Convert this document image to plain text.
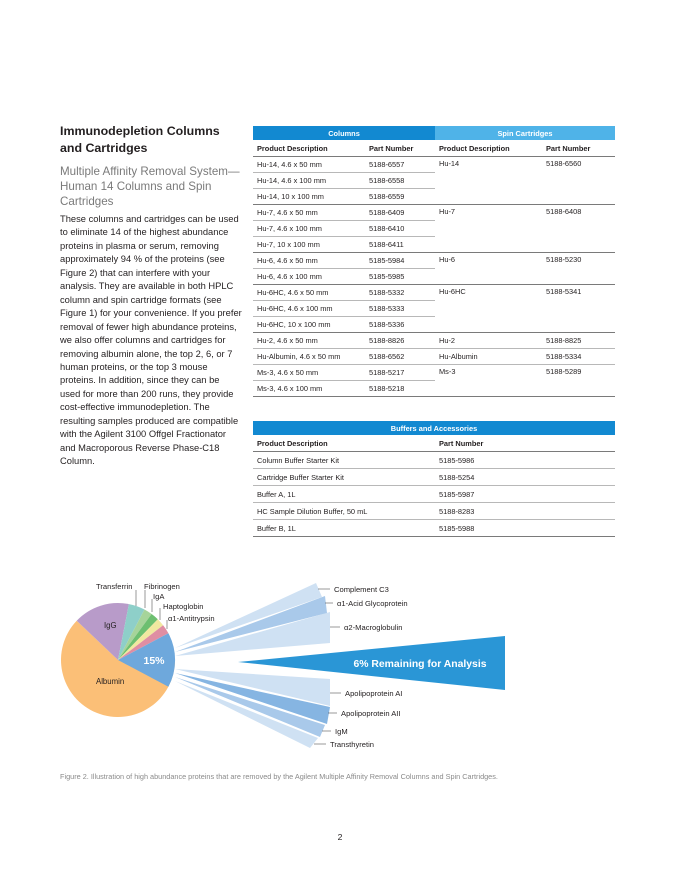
Immunodepletion Columns and Cartridges
Multiple Affinity Removal System—Human 14 Columns and Spin Cartridges
These columns and cartridges can be used to eliminate 14 of the highest abundance proteins in plasma or serum, removing approximately 94 % of the proteins (see Figure 2) that can interfere with your analysis. They are available in both HPLC column and spin cartridge formats (see Figure 1) for your convenience. If you prefer removal of fewer high abundance proteins, we also offer columns and cartridges for removing albumin alone, the top 2, 6, or 7 human proteins, or the top 3 mouse proteins. In addition, since they can be used for more than 200 runs, they provide cost-effective immunodepletion. The resulting samples produced are compatible with the Agilent 3100 Offgel Fractionator and Macroporous Reverse Phase-C18 Column.
Columns		Spin Cartridges	
Product Description	Part Number	Product Description	Part Number
Hu-14, 4.6 x 50 mm	5188-6557	Hu-14	5188-6560
Hu-14, 4.6 x 100 mm	5188-6558		
Hu-14, 10 x 100 mm	5188-6559		
Hu-7, 4.6 x 50 mm	5188-6409	Hu-7	5188-6408
Hu-7, 4.6 x 100 mm	5188-6410		
Hu-7, 10 x 100 mm	5188-6411		
Hu-6, 4.6 x 50 mm	5185-5984	Hu-6	5188-5230
Hu-6, 4.6 x 100 mm	5185-5985		
Hu-6HC, 4.6 x 50 mm	5188-5332	Hu-6HC	5188-5341
Hu-6HC, 4.6 x 100 mm	5188-5333		
Hu-6HC, 10 x 100 mm	5188-5336		
Hu-2, 4.6 x 50 mm	5188-8826	Hu-2	5188-8825
Hu-Albumin, 4.6 x 50 mm	5188-6562	Hu-Albumin	5188-5334
Ms-3, 4.6 x 50 mm	5188-5217	Ms-3	5188-5289
Ms-3, 4.6 x 100 mm	5188-5218		
Buffers and Accessories	
Product Description	Part Number
Column Buffer Starter Kit	5185-5986
Cartridge Buffer Starter Kit	5188-5254
Buffer A, 1L	5185-5987
HC Sample Dilution Buffer, 50 mL	5188-8283
Buffer B, 1L	5185-5988
6% Remaining for Analysis
15%
IgG
Albumin
Transferrin Fibrinogen
IgA
Haptoglobin
α1-Antitrypsin
Complement C3
α1-Acid Glycoprotein
α2-Macroglobulin
Apolipoprotein AI
Apolipoprotein AII
IgM
Transthyretin
Figure 2. Illustration of high abundance proteins that are removed by the Agilent Multiple Affinity Removal Columns and Spin Cartridges.
2
